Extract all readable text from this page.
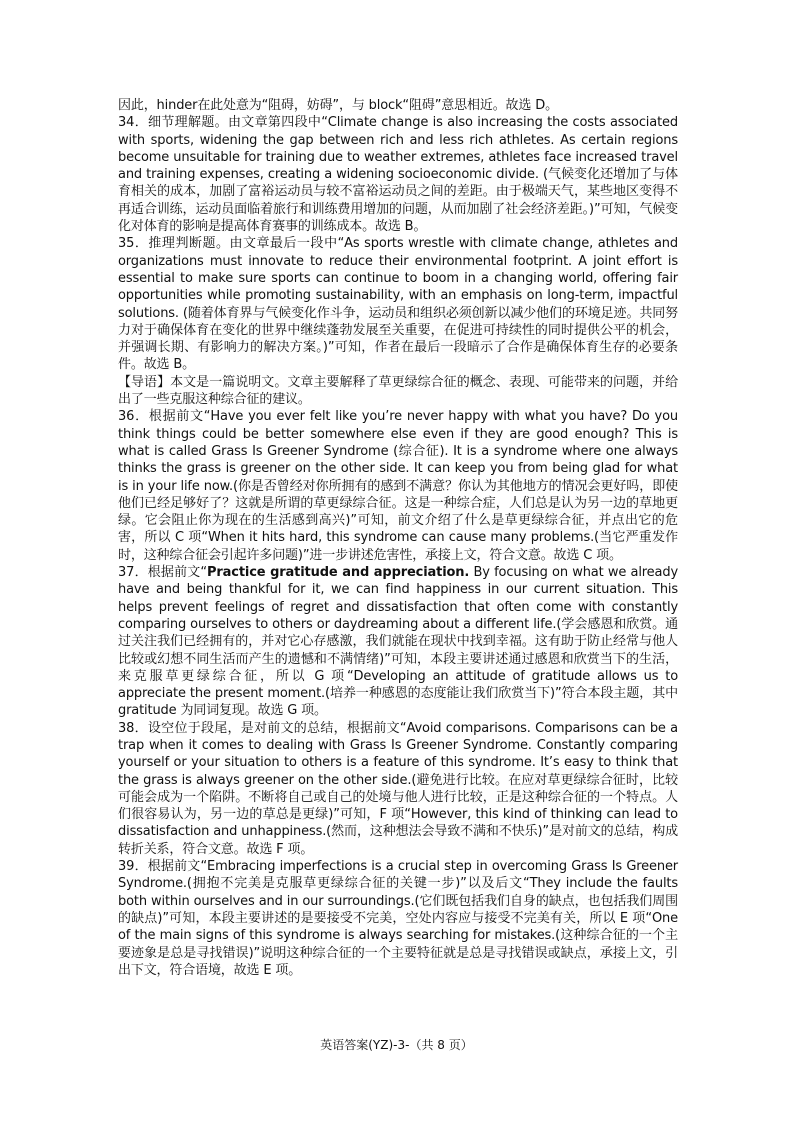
因此，hinder在此处意为“阻碍，妨碍”，与 block“阻碍”意思相近。故选 D。

34．细节理解题。由文章第四段中“Climate change is also increasing the costs associated with sports, widening the gap between rich and less rich athletes. As certain regions become unsuitable for training due to weather extremes, athletes face increased travel and training expenses, creating a widening socioeconomic divide. (气候变化还增加了与体育相关的成本，加剧了富裕运动员与较不富裕运动员之间的差距。由于极端天气，某些地区变得不再适合训练，运动员面临着旅行和训练费用增加的问题，从而加剧了社会经济差距。)”可知，气候变化对体育的影响是提高体育赛事的训练成本。故选 B。

35．推理判断题。由文章最后一段中“As sports wrestle with climate change, athletes and organizations must innovate to reduce their environmental footprint. A joint effort is essential to make sure sports can continue to boom in a changing world, offering fair opportunities while promoting sustainability, with an emphasis on long-term, impactful solutions. (随着体育界与气候变化作斗争，运动员和组织必须创新以减少他们的环境足迹。共同努力对于确保体育在变化的世界中继续蓬勃发展至关重要，在促进可持续性的同时提供公平的机会，并强调长期、有影响力的解决方案。)”可知，作者在最后一段暗示了合作是确保体育生存的必要条件。故选 B。

【导语】本文是一篇说明文。文章主要解释了草更绿综合征的概念、表现、可能带来的问题，并给出了一些克服这种综合征的建议。

36．根据前文“Have you ever felt like you’re never happy with what you have? Do you think things could be better somewhere else even if they are good enough? This is what is called Grass Is Greener Syndrome (综合征). It is a syndrome where one always thinks the grass is greener on the other side. It can keep you from being glad for what is in your life now.(你是否曾经对你所拥有的感到不满意？你认为其他地方的情况会更好吗，即使他们已经足够好了？这就是所谓的草更绿综合征。这是一种综合症，人们总是认为另一边的草地更绿。它会阻止你为现在的生活感到高兴)”可知，前文介绍了什么是草更绿综合征，并点出它的危害，所以 C 项“When it hits hard, this syndrome can cause many problems.(当它严重发作时，这种综合征会引起许多问题)”进一步讲述危害性，承接上文，符合文意。故选 C 项。

37．根据前文“Practice gratitude and appreciation. By focusing on what we already have and being thankful for it, we can find happiness in our current situation. This helps prevent feelings of regret and dissatisfaction that often come with constantly comparing ourselves to others or daydreaming about a different life.(学会感恩和欣赏。通过关注我们已经拥有的，并对它心存感激，我们就能在现状中找到幸福。这有助于防止经常与他人比较或幻想不同生活而产生的遗憾和不满情绪)”可知，本段主要讲述通过感恩和欣赏当下的生活，来克服草更绿综合征，所以 G 项“Developing an attitude of gratitude allows us to appreciate the present moment.(培养一种感恩的态度能让我们欣赏当下)”符合本段主题，其中 gratitude 为同词复现。故选 G 项。

38．设空位于段尾，是对前文的总结，根据前文“Avoid comparisons. Comparisons can be a trap when it comes to dealing with Grass Is Greener Syndrome. Constantly comparing yourself or your situation to others is a feature of this syndrome. It’s easy to think that the grass is always greener on the other side.(避免进行比较。在应对草更绿综合征时，比较可能会成为一个陷阱。不断将自己或自己的处境与他人进行比较，正是这种综合征的一个特点。人们很容易认为，另一边的草总是更绿)”可知，F 项“However, this kind of thinking can lead to dissatisfaction and unhappiness.(然而，这种想法会导致不满和不快乐)”是对前文的总结，构成转折关系，符合文意。故选 F 项。

39．根据前文“Embracing imperfections is a crucial step in overcoming Grass Is Greener Syndrome.(拥抱不完美是克服草更绿综合征的关键一步)”以及后文“They include the faults both within ourselves and in our surroundings.(它们既包括我们自身的缺点，也包括我们周围的缺点)”可知，本段主要讲述的是要接受不完美，空处内容应与接受不完美有关，所以 E 项“One of the main signs of this syndrome is always searching for mistakes.(这种综合征的一个主要迹象是总是寻找错误)”说明这种综合征的一个主要特征就是总是寻找错误或缺点，承接上文，引出下文，符合语境，故选 E 项。

英语答案(YZ)-3-（共 8 页）
